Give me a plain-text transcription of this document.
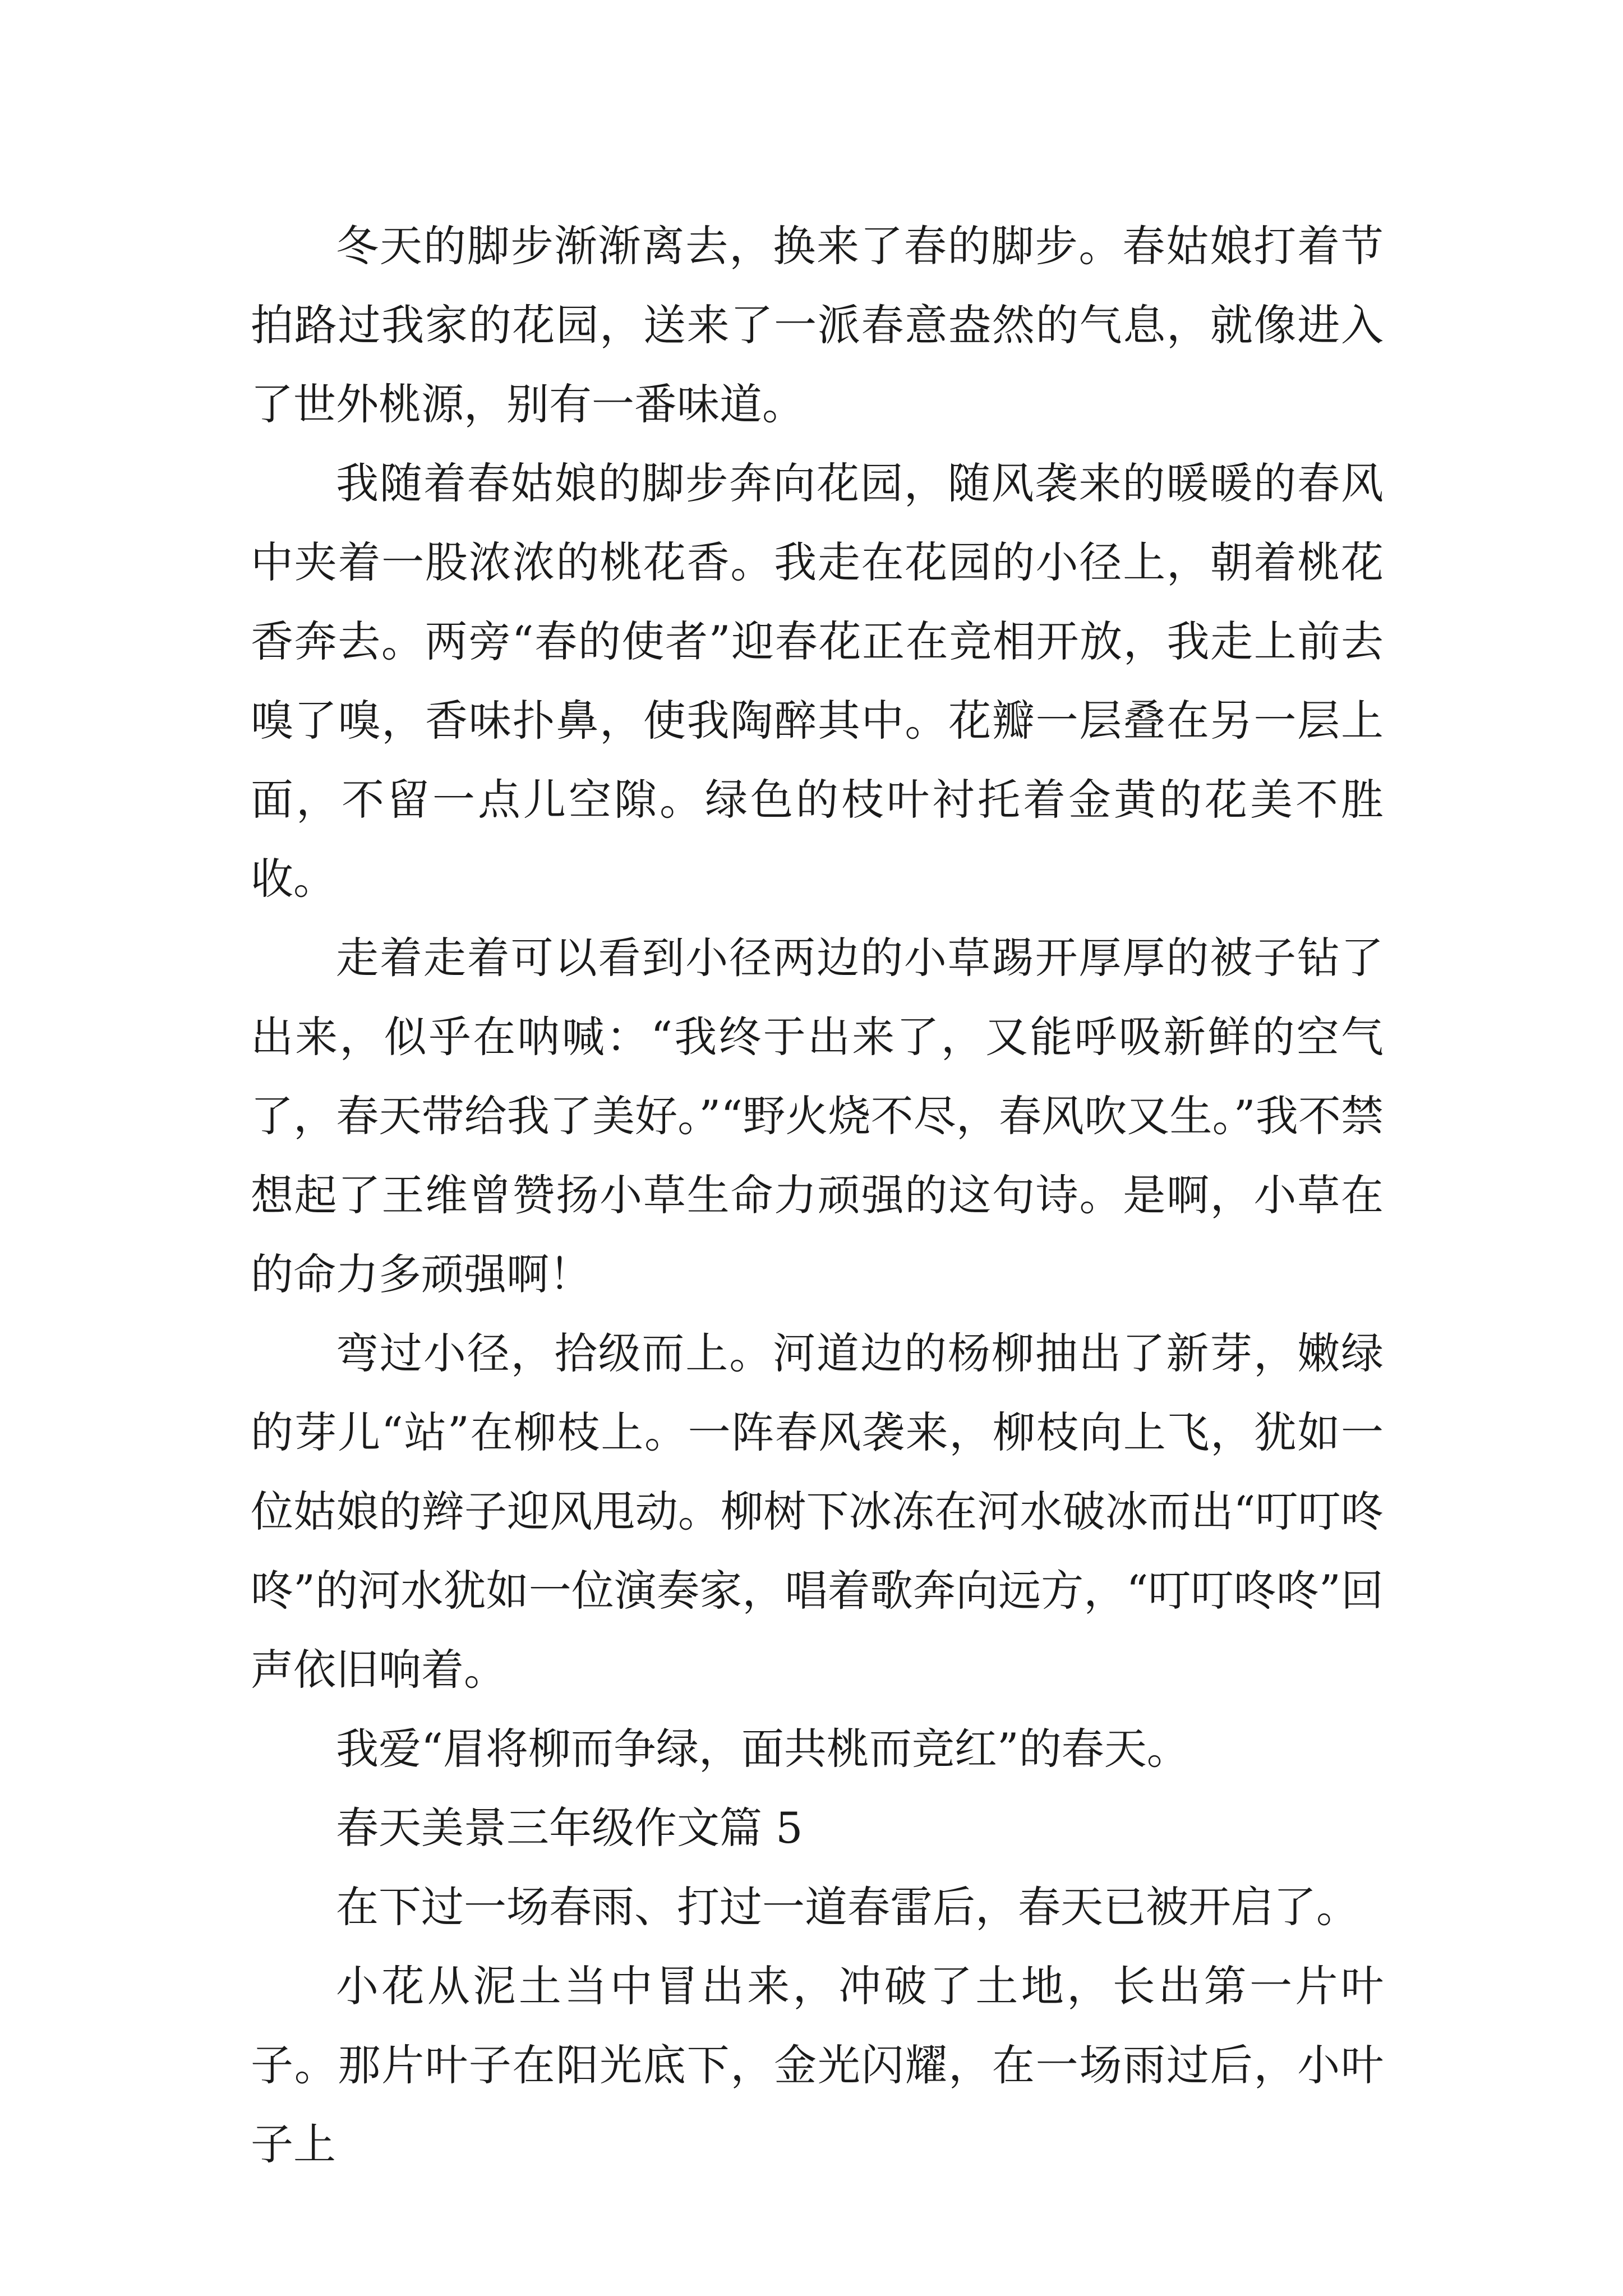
冬天的脚步渐渐离去，换来了春的脚步。春姑娘打着节拍路过我家的花园，送来了一派春意盎然的气息，就像进入了世外桃源，别有一番味道。

我随着春姑娘的脚步奔向花园，随风袭来的暖暖的春风中夹着一股浓浓的桃花香。我走在花园的小径上，朝着桃花香奔去。两旁“春的使者”迎春花正在竞相开放，我走上前去嗅了嗅，香味扑鼻，使我陶醉其中。花瓣一层叠在另一层上面，不留一点儿空隙。绿色的枝叶衬托着金黄的花美不胜收。

走着走着可以看到小径两边的小草踢开厚厚的被子钻了出来，似乎在呐喊：“我终于出来了，又能呼吸新鲜的空气了，春天带给我了美好。”“野火烧不尽，春风吹又生。”我不禁想起了王维曾赞扬小草生命力顽强的这句诗。是啊，小草在的命力多顽强啊！

弯过小径，拾级而上。河道边的杨柳抽出了新芽，嫩绿的芽儿“站”在柳枝上。一阵春风袭来，柳枝向上飞，犹如一位姑娘的辫子迎风甩动。柳树下冰冻在河水破冰而出“叮叮咚咚”的河水犹如一位演奏家，唱着歌奔向远方，“叮叮咚咚”回声依旧响着。

我爱“眉将柳而争绿，面共桃而竞红”的春天。

春天美景三年级作文篇 5

在下过一场春雨、打过一道春雷后，春天已被开启了。

小花从泥土当中冒出来，冲破了土地，长出第一片叶子。那片叶子在阳光底下，金光闪耀，在一场雨过后，小叶子上
